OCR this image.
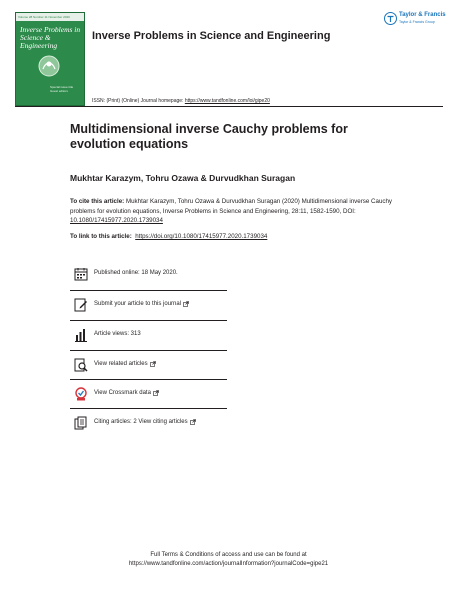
Volume 28 Number 11 November 2020
Inverse Problems in Science & Engineering
Special issue title
Guest editors
Inverse Problems in Science and Engineering
Taylor & Francis
Taylor & Francis Group
ISSN: (Print) (Online) Journal homepage: https://www.tandfonline.com/loi/gipe20
Multidimensional inverse Cauchy problems for evolution equations
Mukhtar Karazym, Tohru Ozawa & Durvudkhan Suragan
To cite this article: Mukhtar Karazym, Tohru Ozawa & Durvudkhan Suragan (2020) Multidimensional inverse Cauchy problems for evolution equations, Inverse Problems in Science and Engineering, 28:11, 1582-1590, DOI: 10.1080/17415977.2020.1739034
To link to this article: https://doi.org/10.1080/17415977.2020.1739034
Published online: 18 May 2020.
Submit your article to this journal
Article views: 313
View related articles
View Crossmark data
Citing articles: 2 View citing articles
Full Terms & Conditions of access and use can be found at
https://www.tandfonline.com/action/journalInformation?journalCode=gipe21
